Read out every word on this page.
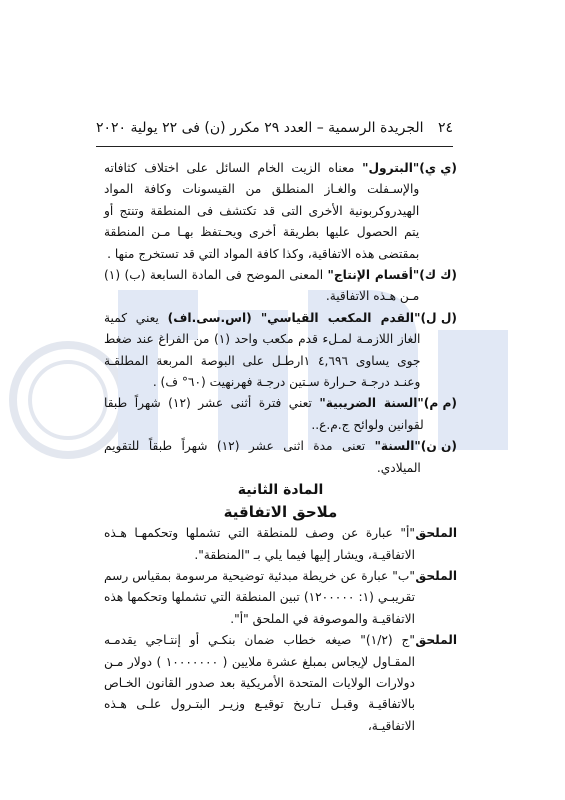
٢٤
الجريدة الرسمية – العدد ٢٩ مكرر (ن) فى ٢٢ يولية ٢٠٢٠
(ي ي)

"البترول" معناه الزيت الخام السائل على اختلاف كثافاته والإسـفلت والغـاز المنطلق من القيسونات وكافة المواد الهيدروكربونية الأخرى التى قد تكتشف فى المنطقة وتنتج أو يتم الحصول عليها بطريقة أخرى ويحـتفظ بهـا مـن المنطقة بمقتضى هذه الاتفاقية، وكذا كافة المواد التي قد تستخرج منها .

(ك ك)

"أقسام الإنتاج" المعنى الموضح فى المادة السابعة (ب) (١) مـن هـذه الاتفاقية.

(ل ل)

"القدم المكعب القياسي" (اس.سى.اف) يعني كمية الغاز اللازمـة لمـلء قدم مكعب واحد (١) من الفراغ عند ضغط جوى يساوى ٤,٦٩٦ ١ارطـل على البوصة المربعة المطلقـة وعنـد درجـة حـرارة سـتين درجـة فهرنهيت (٦٠° ف) .

(م م)

"السنة الضريبية" تعني فترة أثنى عشر (١٢) شهراً طبقا لقوانين ولوائح ج.م.ع..

(ن ن)

"السنة" تعنى مدة اثنى عشر (١٢) شهراً طبقاً للتقويم الميلادي.

المادة الثانية
ملاحق الاتفاقية
الملحق

"أ" عبارة عن وصف للمنطقة التي تشملها وتحكمهـا هـذه الاتفاقيـة، ويشار إليها فيما يلي بـ "المنطقة".

الملحق

"ب" عبارة عن خريطة مبدئية توضيحية مرسومة بمقياس رسم تقريبـي (١: ١٢٠٠٠٠٠) تبين المنطقة التي تشملها وتحكمها هذه الاتفاقيـة والموصوفة في الملحق "أ".

الملحق

"ج (١/٢)" صيغه خطاب ضمان بنكـي أو إنتـاجي يقدمـه المقـاول لإيجاس بمبلغ عشرة ملايين ( ١٠٠٠٠٠٠٠ ) دولار مـن دولارات الولايات المتحدة الأمريكية بعد صدور القانون الخـاص بالاتفاقيـة وقبـل تـاريخ توقيـع وزيـر البتـرول علـى هـذه الاتفاقيـة،
